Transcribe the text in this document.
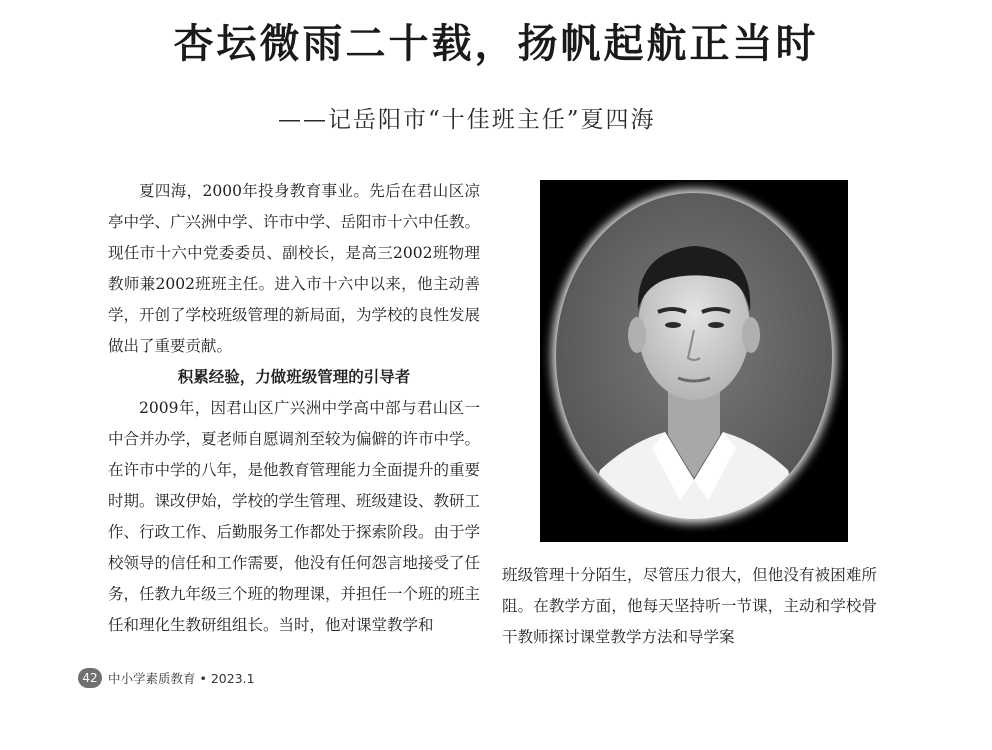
杏坛微雨二十载，扬帆起航正当时
——记岳阳市“十佳班主任”夏四海

夏四海，2000年投身教育事业。先后在君山区凉亭中学、广兴洲中学、许市中学、岳阳市十六中任教。现任市十六中党委委员、副校长，是高三2002班物理教师兼2002班班主任。进入市十六中以来，他主动善学，开创了学校班级管理的新局面，为学校的良性发展做出了重要贡献。

积累经验，力做班级管理的引导者

2009年，因君山区广兴洲中学高中部与君山区一中合并办学，夏老师自愿调剂至较为偏僻的许市中学。在许市中学的八年，是他教育管理能力全面提升的重要时期。课改伊始，学校的学生管理、班级建设、教研工作、行政工作、后勤服务工作都处于探索阶段。由于学校领导的信任和工作需要，他没有任何怨言地接受了任务，任教九年级三个班的物理课，并担任一个班的班主任和理化生教研组组长。当时，他对课堂教学和

班级管理十分陌生，尽管压力很大，但他没有被困难所阻。在教学方面，他每天坚持听一节课，主动和学校骨干教师探讨课堂教学方法和导学案

42 中小学素质教育 • 2023.1
